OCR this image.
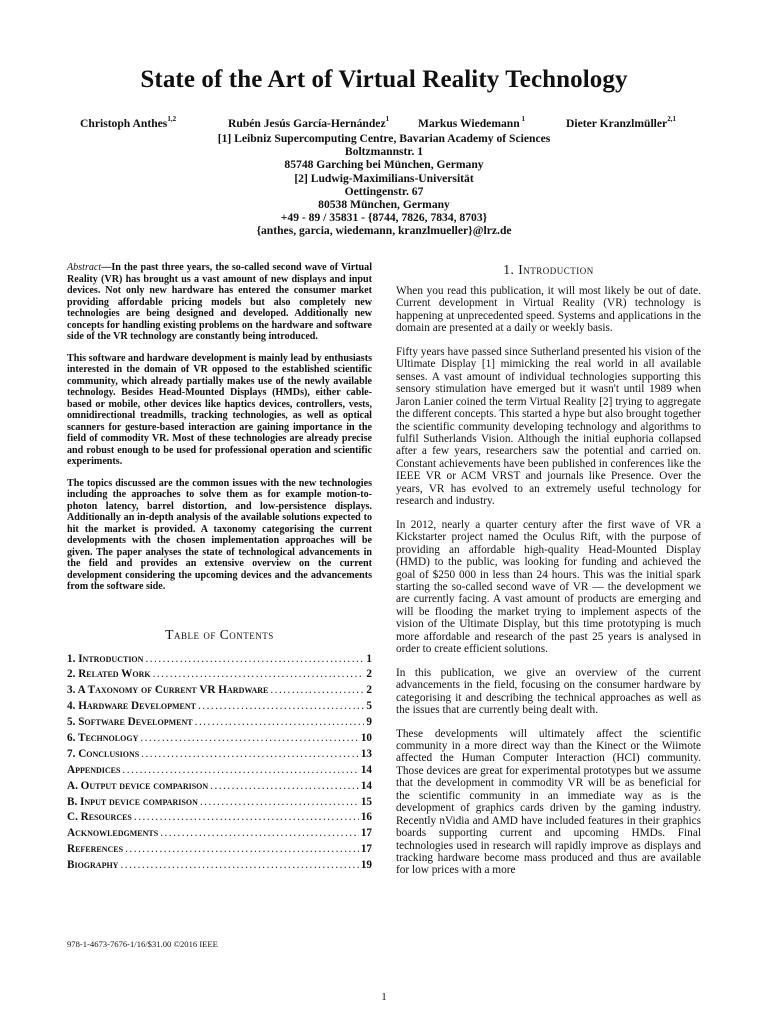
State of the Art of Virtual Reality Technology
Christoph Anthes$^{1,2}$	Rubén Jesús García-Hernández$^1$ Markus Wiedemann $^1$	Dieter Kranzlmüller$^{2,1}$
[1] Leibniz Supercomputing Centre, Bavarian Academy of Sciences
Boltzmannstr. 1
85748 Garching bei München, Germany
[2] Ludwig-Maximilians-Universität
Oettingenstr. 67
80538 München, Germany
+49 - 89 / 35831 - {8744, 7826, 7834, 8703}
{anthes, garcia, wiedemann, kranzlmueller}@lrz.de

Abstract—In the past three years, the so-called second wave of Virtual Reality (VR) has brought us a vast amount of new displays and input devices. Not only new hardware has entered the consumer market providing affordable pricing models but also completely new technologies are being designed and developed. Additionally new concepts for handling existing problems on the hardware and software side of the VR technology are constantly being introduced.

This software and hardware development is mainly lead by enthusiasts interested in the domain of VR opposed to the established scientific community, which already partially makes use of the newly available technology. Besides Head-Mounted Displays (HMDs), either cable-based or mobile, other devices like haptics devices, controllers, vests, omnidirectional treadmills, tracking technologies, as well as optical scanners for gesture-based interaction are gaining importance in the field of commodity VR. Most of these technologies are already precise and robust enough to be used for professional operation and scientific experiments.

The topics discussed are the common issues with the new technologies including the approaches to solve them as for example motion-to-photon latency, barrel distortion, and low-persistence displays. Additionally an in-depth analysis of the available solutions expected to hit the market is provided. A taxonomy categorising the current developments with the chosen implementation approaches will be given. The paper analyses the state of technological advancements in the field and provides an extensive overview on the current development considering the upcoming devices and the advancements from the software side.

Table of Contents
1. Introduction .....	1
2. Related Work .....	2
3. A Taxonomy of Current VR Hardware .....	2
4. Hardware Development .....	5
5. Software Development .....	9
6. Technology .....	10
7. Conclusions .....	13
Appendices .....	14
A. Output device comparison .....	14
B. Input device comparison .....	15
C. Resources .....	16
Acknowledgments .....	17
References .....	17
Biography .....	19
978-1-4673-7676-1/16/$31.00 ©2016 IEEE
1. Introduction

When you read this publication, it will most likely be out of date. Current development in Virtual Reality (VR) technology is happening at unprecedented speed. Systems and applications in the domain are presented at a daily or weekly basis.

Fifty years have passed since Sutherland presented his vision of the Ultimate Display [1] mimicking the real world in all available senses. A vast amount of individual technologies supporting this sensory stimulation have emerged but it wasn't until 1989 when Jaron Lanier coined the term Virtual Reality [2] trying to aggregate the different concepts. This started a hype but also brought together the scientific community developing technology and algorithms to fulfil Sutherlands Vision. Although the initial euphoria collapsed after a few years, researchers saw the potential and carried on. Constant achievements have been published in conferences like the IEEE VR or ACM VRST and journals like Presence. Over the years, VR has evolved to an extremely useful technology for research and industry.

In 2012, nearly a quarter century after the first wave of VR a Kickstarter project named the Oculus Rift, with the purpose of providing an affordable high-quality Head-Mounted Display (HMD) to the public, was looking for funding and achieved the goal of $250 000 in less than 24 hours. This was the initial spark starting the so-called second wave of VR — the development we are currently facing. A vast amount of products are emerging and will be flooding the market trying to implement aspects of the vision of the Ultimate Display, but this time prototyping is much more affordable and research of the past 25 years is analysed in order to create efficient solutions.

In this publication, we give an overview of the current advancements in the field, focusing on the consumer hardware by categorising it and describing the technical approaches as well as the issues that are currently being dealt with.

These developments will ultimately affect the scientific community in a more direct way than the Kinect or the Wiimote affected the Human Computer Interaction (HCI) community. Those devices are great for experimental prototypes but we assume that the development in commodity VR will be as beneficial for the scientific community in an immediate way as is the development of graphics cards driven by the gaming industry. Recently nVidia and AMD have included features in their graphics boards supporting current and upcoming HMDs. Final technologies used in research will rapidly improve as displays and tracking hardware become mass produced and thus are available for low prices with a more

1
